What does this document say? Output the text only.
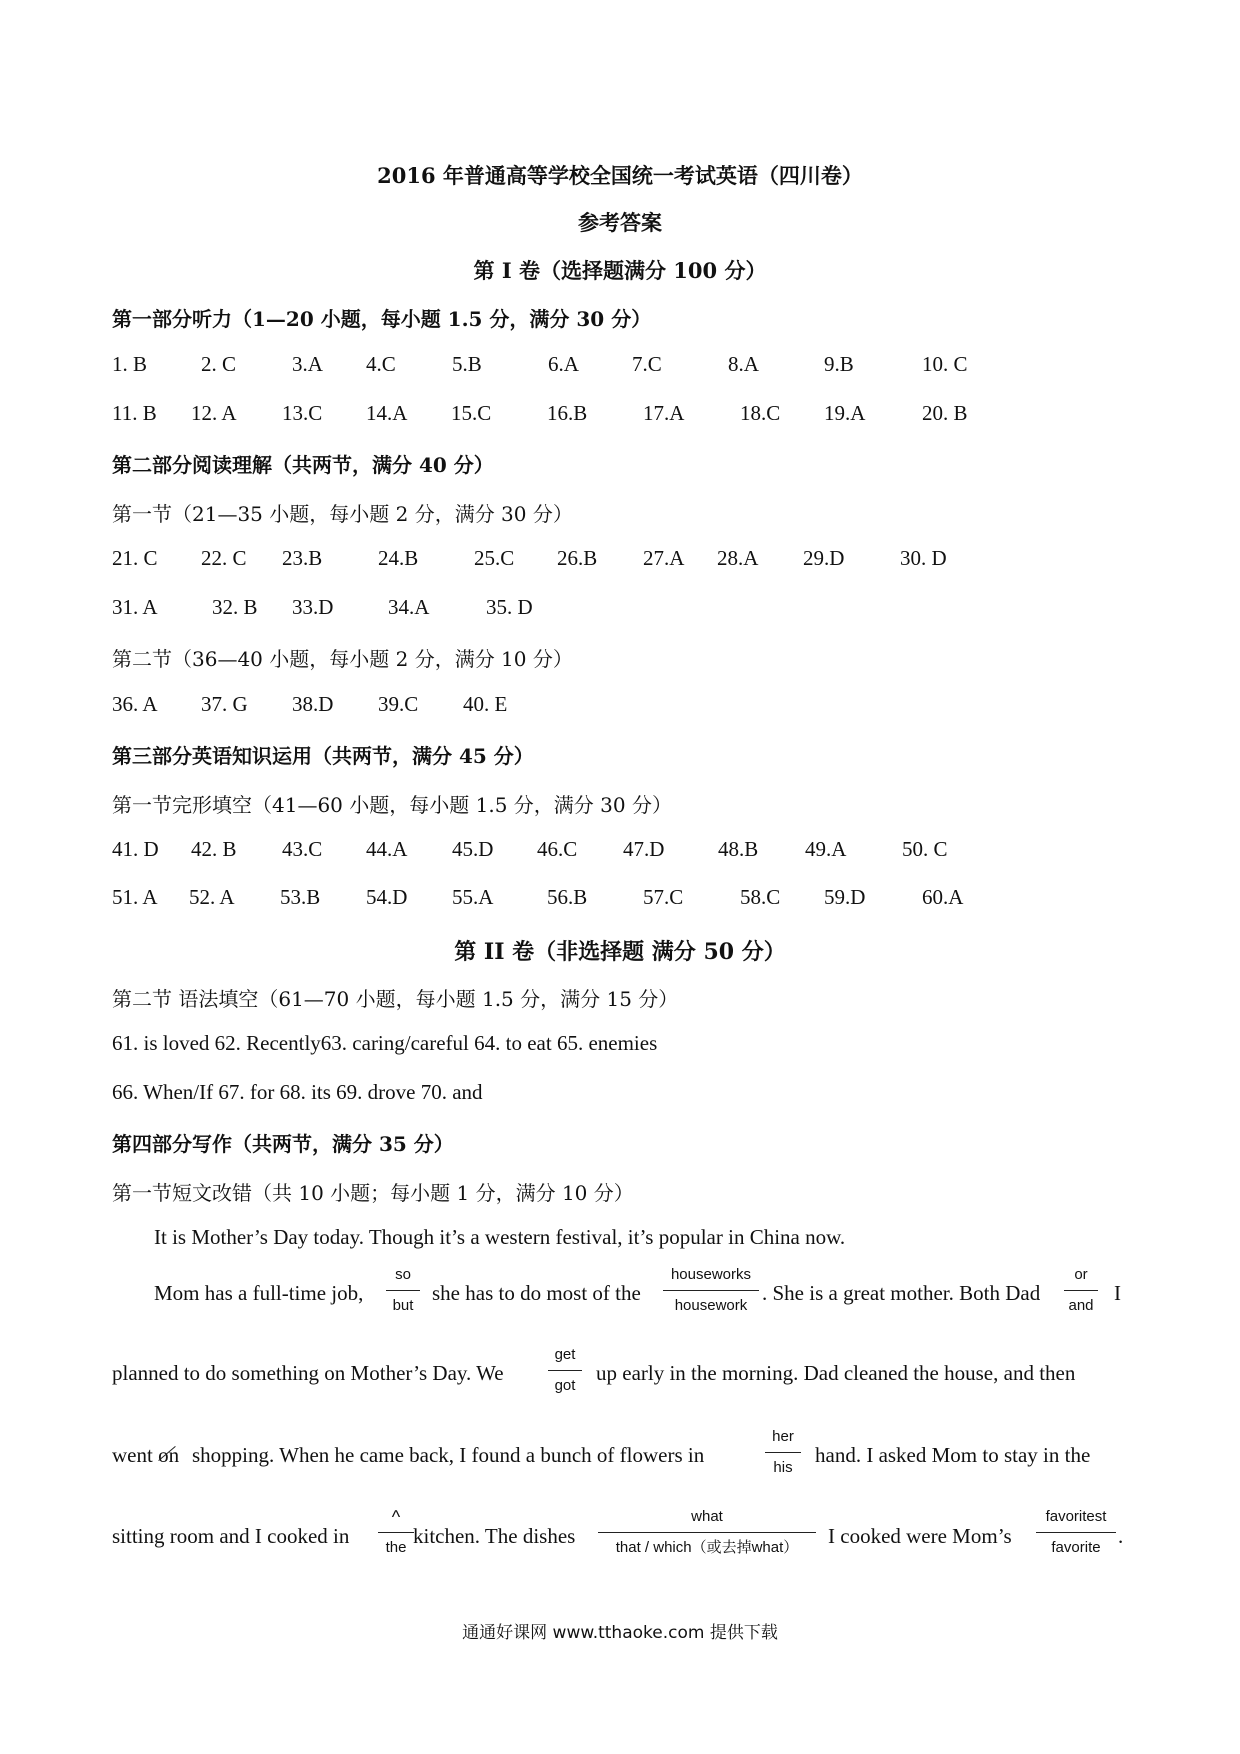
2016 年普通高等学校全国统一考试英语（四川卷）
参考答案
第 I 卷（选择题满分 100 分）
第一部分听力（1—20 小题，每小题 1.5 分，满分 30 分）
1. B	2. C	3.A 4.C	5.B	6.A	7.C	8.A	9.B	10. C
11. B 12. A 13.C 14.A 15.C	16.B	17.A	18.C 19.A	20. B
第二部分阅读理解（共两节，满分 40 分）
第一节（21—35 小题，每小题 2 分，满分 30 分）
21. C 22. C 23.B	24.B	25.C 26.B 27.A 28.A 29.D	30. D
31. A	32. B 33.D	34.A	35. D
第二节（36—40 小题，每小题 2 分，满分 10 分）
36. A 37. G 38.D 39.C 40. E
第三部分英语知识运用（共两节，满分 45 分）
第一节完形填空（41—60 小题，每小题 1.5 分，满分 30 分）
41. D 42. B 43.C 44.A 45.D 46.C 47.D	48.B 49.A	50. C
51. A 52. A 53.B 54.D 55.A	56.B	57.C	58.C 59.D	60.A
第 II 卷（非选择题 满分 50 分）
第二节 语法填空（61—70 小题，每小题 1.5 分，满分 15 分）
61. is loved 62. Recently63. caring/careful 64. to eat 65. enemies
66. When/If 67. for 68. its 69. drove 70. and
第四部分写作（共两节，满分 35 分）
第一节短文改错（共 10 小题；每小题 1 分，满分 10 分）
It is Mother’s Day today. Though it’s a western festival, it’s popular in China now.
Mom has a full-time job,
so
but
she has to do most of the
houseworks
housework
. She is a great mother. Both Dad
or
and
I
planned to do something on Mother’s Day. We
get
got
up early in the morning. Dad cleaned the house, and then
went on shopping. When he came back, I found a bunch of flowers in
her
his
hand. I asked Mom to stay in the
sitting room and I cooked in
^
the kitchen. The dishes
what
that / which（或去掉what）	I cooked were Mom’s
favoritest
favorite .
通通好课网 www.tthaoke.com 提供下载
